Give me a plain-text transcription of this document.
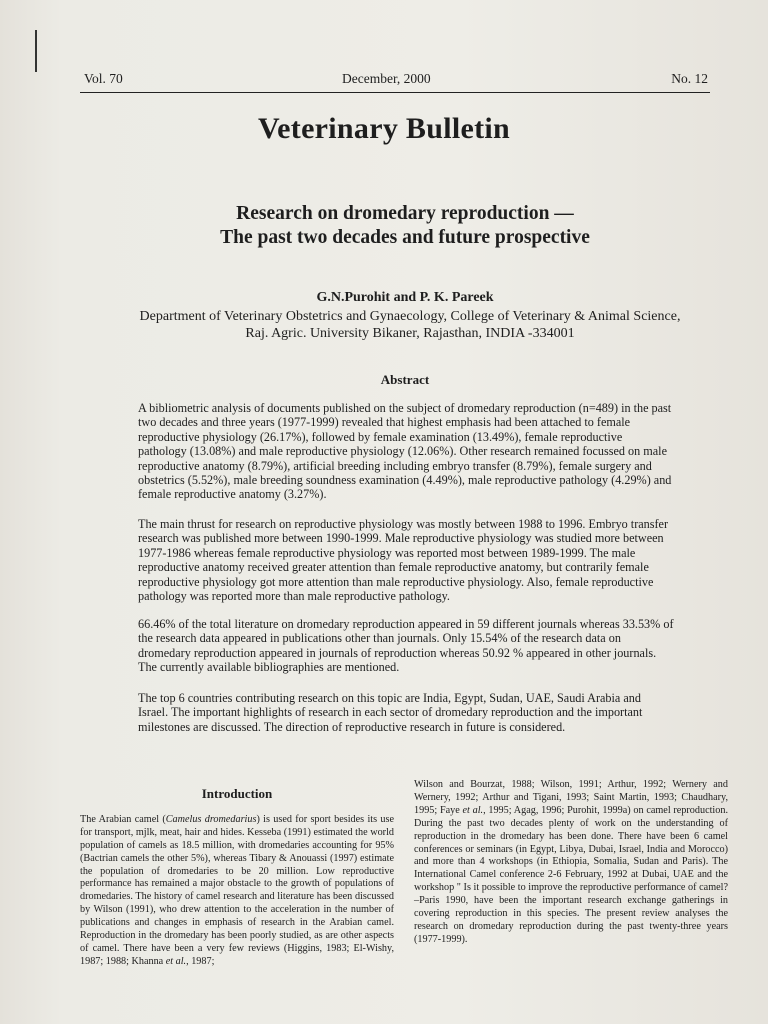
Vol. 70	December, 2000	No. 12
Veterinary Bulletin
Research on dromedary reproduction —
The past two decades and future prospective
G.N.Purohit and P. K. Pareek
Department of Veterinary Obstetrics and Gynaecology, College of Veterinary & Animal Science,
Raj. Agric. University Bikaner, Rajasthan, INDIA -334001
Abstract
A bibliometric analysis of documents published on the subject of dromedary reproduction (n=489) in the past two decades and three years (1977-1999) revealed that highest emphasis had been attached to female reproductive physiology (26.17%), followed by female examination (13.49%), female reproductive pathology (13.08%) and male reproductive physiology (12.06%). Other research remained focussed on male reproductive anatomy (8.79%), artificial breeding including embryo transfer (8.79%), female surgery and obstetrics (5.52%), male breeding soundness examination (4.49%), male reproductive pathology (4.29%) and female reproductive anatomy (3.27%).
The main thrust for research on reproductive physiology was mostly between 1988 to 1996. Embryo transfer research was published more between 1990-1999. Male reproductive physiology was studied more between 1977-1986 whereas female reproductive physiology was reported most between 1989-1999. The male reproductive anatomy received greater attention than female reproductive anatomy, but contrarily female reproductive physiology got more attention than male reproductive physiology. Also, female reproductive pathology was reported more than male reproductive pathology.
66.46% of the total literature on dromedary reproduction appeared in 59 different journals whereas 33.53% of the research data appeared in publications other than journals. Only 15.54% of the research data on dromedary reproduction appeared in journals of reproduction whereas 50.92 % appeared in other journals. The currently available bibliographies are mentioned.
The top 6 countries contributing research on this topic are India, Egypt, Sudan, UAE, Saudi Arabia and Israel. The important highlights of research in each sector of dromedary reproduction and the important milestones are discussed. The direction of reproductive research in future is considered.
Introduction

The Arabian camel (Camelus dromedarius) is used for sport besides its use for transport, mjlk, meat, hair and hides. Kesseba (1991) estimated the world population of camels as 18.5 million, with dromedaries accounting for 95% (Bactrian camels the other 5%), whereas Tibary & Anouassi (1997) estimate the population of dromedaries to be 20 million. Low reproductive performance has remained a major obstacle to the growth of populations of dromedaries. The history of camel research and literature has been discussed by Wilson (1991), who drew attention to the acceleration in the number of publications and changes in emphasis of research in the Arabian camel. Reproduction in the dromedary has been poorly studied, as are other aspects of camel. There have been a very few reviews (Higgins, 1983; El-Wishy, 1987; 1988; Khanna et al., 1987;

Wilson and Bourzat, 1988; Wilson, 1991; Arthur, 1992; Wernery and Wernery, 1992; Arthur and Tigani, 1993; Saint Martin, 1993; Chaudhary, 1995; Faye et al., 1995; Agag, 1996; Purohit, 1999a) on camel reproduction. During the past two decades plenty of work on the understanding of reproduction in the dromedary has been done. There have been 6 camel conferences or seminars (in Egypt, Libya, Dubai, Israel, India and Morocco) and more than 4 workshops (in Ethiopia, Somalia, Sudan and Paris). The International Camel conference 2-6 February, 1992 at Dubai, UAE and the workshop " Is it possible to improve the reproductive performance of camel? –Paris 1990, have been the important research exchange gatherings in covering reproduction in this species. The present review analyses the research on dromedary reproduction during the past twenty-three years (1977-1999).
